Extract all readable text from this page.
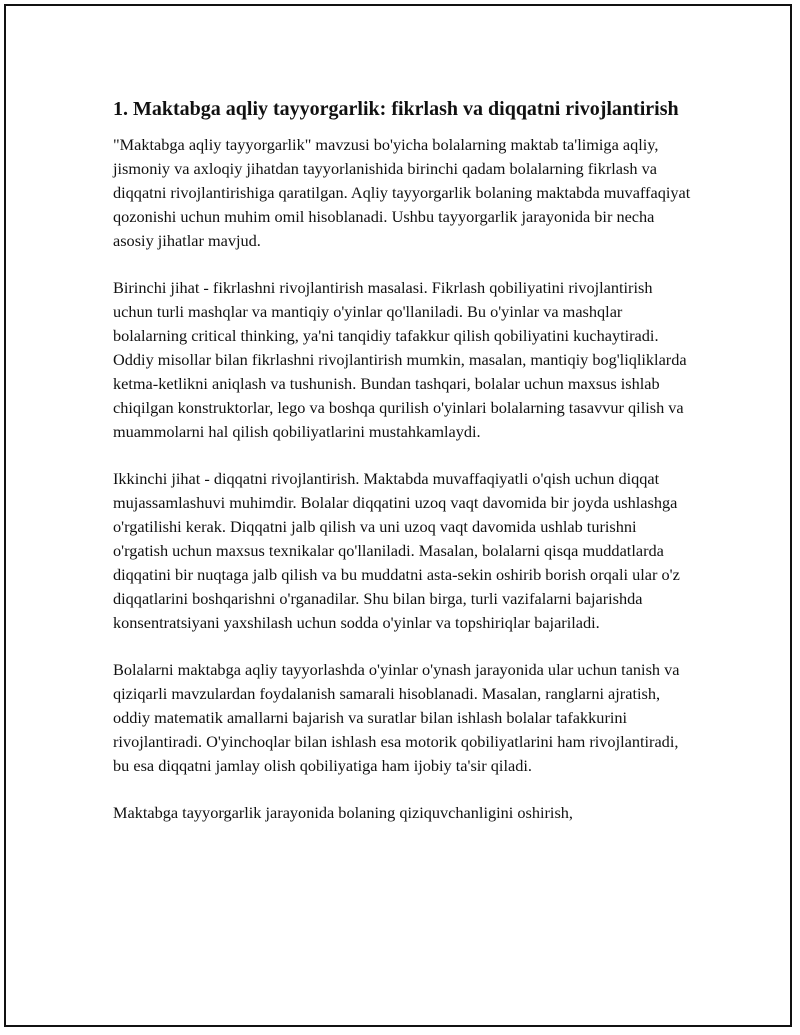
1. Maktabga aqliy tayyorgarlik: fikrlash va diqqatni rivojlantirish

"Maktabga aqliy tayyorgarlik" mavzusi bo'yicha bolalarning maktab ta'limiga aqliy, jismoniy va axloqiy jihatdan tayyorlanishida birinchi qadam bolalarning fikrlash va diqqatni rivojlantirishiga qaratilgan. Aqliy tayyorgarlik bolaning maktabda muvaffaqiyat qozonishi uchun muhim omil hisoblanadi. Ushbu tayyorgarlik jarayonida bir necha asosiy jihatlar mavjud.

Birinchi jihat - fikrlashni rivojlantirish masalasi. Fikrlash qobiliyatini rivojlantirish uchun turli mashqlar va mantiqiy o'yinlar qo'llaniladi. Bu o'yinlar va mashqlar bolalarning critical thinking, ya'ni tanqidiy tafakkur qilish qobiliyatini kuchaytiradi. Oddiy misollar bilan fikrlashni rivojlantirish mumkin, masalan, mantiqiy bog'liqliklarda ketma-ketlikni aniqlash va tushunish. Bundan tashqari, bolalar uchun maxsus ishlab chiqilgan konstruktorlar, lego va boshqa qurilish o'yinlari bolalarning tasavvur qilish va muammolarni hal qilish qobiliyatlarini mustahkamlaydi.

Ikkinchi jihat - diqqatni rivojlantirish. Maktabda muvaffaqiyatli o'qish uchun diqqat mujassamlashuvi muhimdir. Bolalar diqqatini uzoq vaqt davomida bir joyda ushlashga o'rgatilishi kerak. Diqqatni jalb qilish va uni uzoq vaqt davomida ushlab turishni o'rgatish uchun maxsus texnikalar qo'llaniladi. Masalan, bolalarni qisqa muddatlarda diqqatini bir nuqtaga jalb qilish va bu muddatni asta-sekin oshirib borish orqali ular o'z diqqatlarini boshqarishni o'rganadilar. Shu bilan birga, turli vazifalarni bajarishda konsentratsiyani yaxshilash uchun sodda o'yinlar va topshiriqlar bajariladi.

Bolalarni maktabga aqliy tayyorlashda o'yinlar o'ynash jarayonida ular uchun tanish va qiziqarli mavzulardan foydalanish samarali hisoblanadi. Masalan, ranglarni ajratish, oddiy matematik amallarni bajarish va suratlar bilan ishlash bolalar tafakkurini rivojlantiradi. O'yinchoqlar bilan ishlash esa motorik qobiliyatlarini ham rivojlantiradi, bu esa diqqatni jamlay olish qobiliyatiga ham ijobiy ta'sir qiladi.

Maktabga tayyorgarlik jarayonida bolaning qiziquvchanligini oshirish,
